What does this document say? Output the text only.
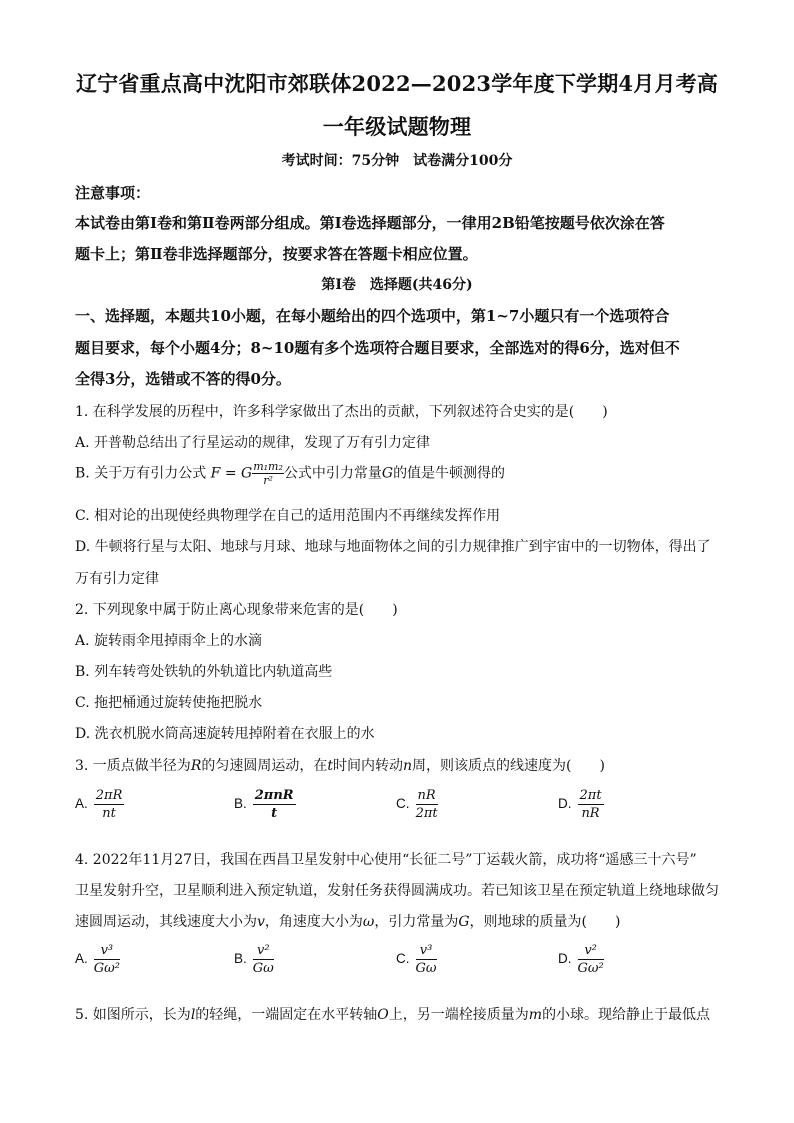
辽宁省重点高中沈阳市郊联体2022—2023学年度下学期4月月考高
一年级试题物理
考试时间：75分钟　试卷满分100分
注意事项：
本试卷由第Ⅰ卷和第Ⅱ卷两部分组成。第Ⅰ卷选择题部分，一律用2B铅笔按题号依次涂在答
题卡上；第Ⅱ卷非选择题部分，按要求答在答题卡相应位置。
第Ⅰ卷　选择题(共46分)
一、选择题，本题共10小题，在每小题给出的四个选项中，第1~7小题只有一个选项符合
题目要求，每个小题4分；8~10题有多个选项符合题目要求，全部选对的得6分，选对但不
全得3分，选错或不答的得0分。
1. 在科学发展的历程中，许多科学家做出了杰出的贡献，下列叙述符合史实的是(　　)
A. 开普勒总结出了行星运动的规律，发现了万有引力定律
B. 关于万有引力公式 F = G $\frac{\text{m₁m₂}}{\text{r²}}$ 公式中引力常量G的值是牛顿测得的
C. 相对论的出现使经典物理学在自己的适用范围内不再继续发挥作用
D. 牛顿将行星与太阳、地球与月球、地球与地面物体之间的引力规律推广到宇宙中的一切物体，得出了
万有引力定律
2. 下列现象中属于防止离心现象带来危害的是(　　)
A. 旋转雨伞甩掉雨伞上的水滴
B. 列车转弯处铁轨的外轨道比内轨道高些
C. 拖把桶通过旋转使拖把脱水
D. 洗衣机脱水筒高速旋转甩掉附着在衣服上的水
3. 一质点做半径为R的匀速圆周运动，在t时间内转动n周，则该质点的线速度为(　　)
A. $\frac{2\pi R}{nt}$	B. $\frac{\text{2πnR}}{t}$	C. $\frac{nR}{2\pi t}$	D. $\frac{2\pi t}{nR}$
4. 2022年11月27日，我国在西昌卫星发射中心使用“长征二号”丁运载火箭，成功将“遥感三十六号”
卫星发射升空，卫星顺利进入预定轨道，发射任务获得圆满成功。若已知该卫星在预定轨道上绕地球做匀
速圆周运动，其线速度大小为v，角速度大小为ω，引力常量为G，则地球的质量为(　　)
A. $\frac{\text{v³}}{\text{Gω²}}$	B. $\frac{\text{v²}}{G\omega}$	C. $\frac{\text{v³}}{G\omega}$	D. $\frac{\text{v²}}{\text{Gω²}}$
5. 如图所示，长为l的轻绳，一端固定在水平转轴O上，另一端栓接质量为m的小球。现给静止于最低点
